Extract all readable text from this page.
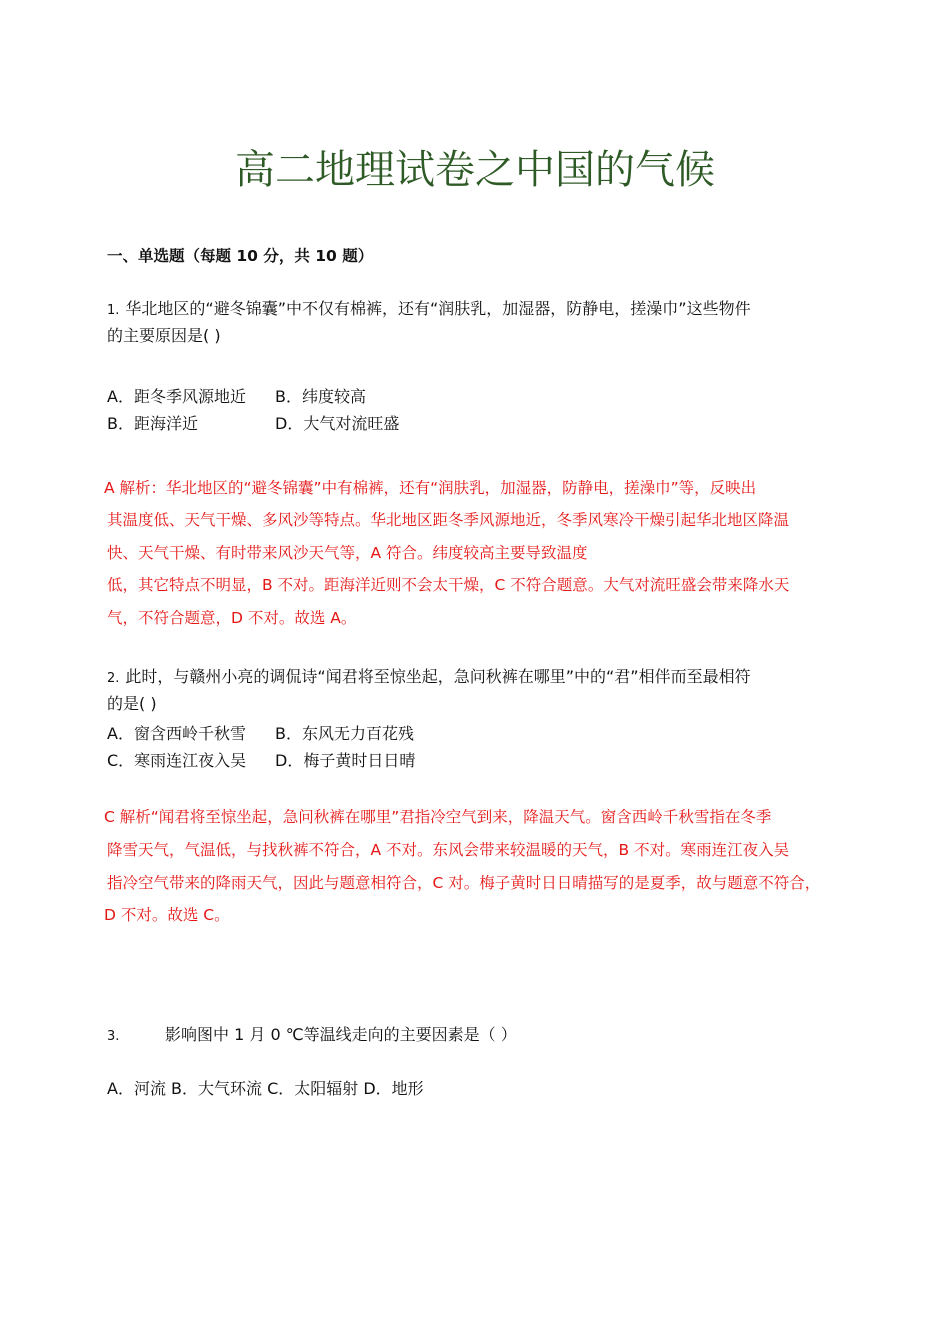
高二地理试卷之中国的气候
一、单选题（每题 10 分，共 10 题）
1. 华北地区的“避冬锦囊”中不仅有棉裤，还有“润肤乳，加湿器，防静电，搓澡巾”这些物件
的主要原因是( )
A．距冬季风源地近 B．纬度较高
B．距海洋近	D．大气对流旺盛
A 解析：华北地区的“避冬锦囊”中有棉裤，还有“润肤乳，加湿器，防静电，搓澡巾”等，反映出
其温度低、天气干燥、多风沙等特点。华北地区距冬季风源地近，冬季风寒冷干燥引起华北地区降温
快、天气干燥、有时带来风沙天气等，A 符合。纬度较高主要导致温度
低，其它特点不明显，B 不对。距海洋近则不会太干燥，C 不符合题意。大气对流旺盛会带来降水天
气，不符合题意，D 不对。故选 A。
2. 此时，与赣州小亮的调侃诗“闻君将至惊坐起，急问秋裤在哪里”中的“君”相伴而至最相符
的是( )
A．窗含西岭千秋雪 B．东风无力百花残
C．寒雨连江夜入吴 D．梅子黄时日日晴
C 解析“闻君将至惊坐起，急问秋裤在哪里”君指冷空气到来，降温天气。窗含西岭千秋雪指在冬季
降雪天气，气温低，与找秋裤不符合，A 不对。东风会带来较温暖的天气，B 不对。寒雨连江夜入吴
指冷空气带来的降雨天气，因此与题意相符合，C 对。梅子黄时日日晴描写的是夏季，故与题意不符合，
D 不对。故选 C。
3.	影响图中 1 月 0 ℃等温线走向的主要因素是（ ）
A．河流 B．大气环流 C．太阳辐射 D．地形
